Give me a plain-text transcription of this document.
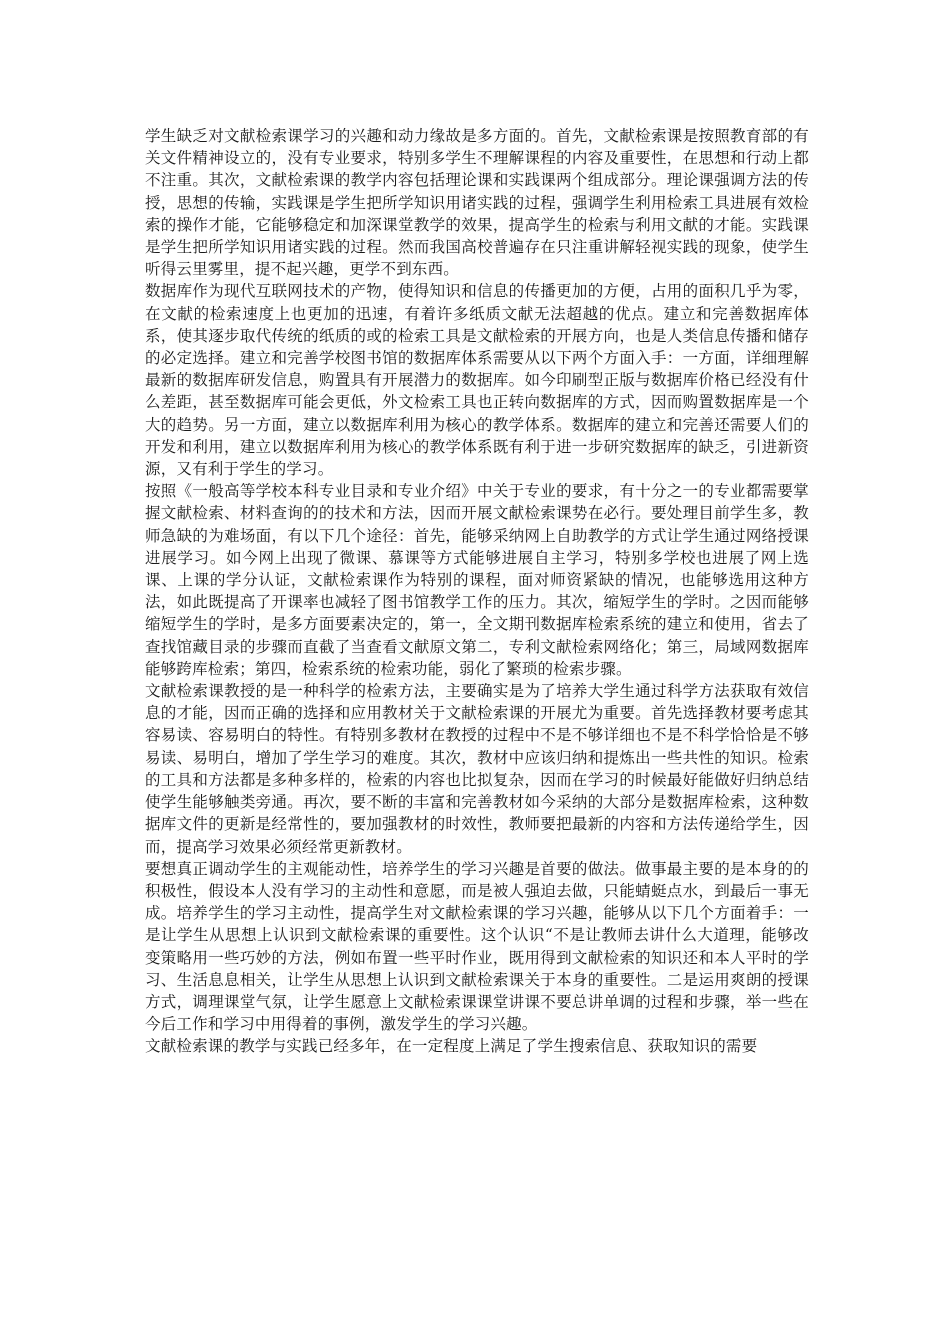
学生缺乏对文献检索课学习的兴趣和动力缘故是多方面的。首先，文献检索课是按照教育部的有关文件精神设立的，没有专业要求，特别多学生不理解课程的内容及重要性，在思想和行动上都不注重。其次，文献检索课的教学内容包括理论课和实践课两个组成部分。理论课强调方法的传授，思想的传输，实践课是学生把所学知识用诸实践的过程，强调学生利用检索工具进展有效检索的操作才能，它能够稳定和加深课堂教学的效果，提高学生的检索与利用文献的才能。实践课是学生把所学知识用诸实践的过程。然而我国高校普遍存在只注重讲解轻视实践的现象，使学生听得云里雾里，提不起兴趣，更学不到东西。

数据库作为现代互联网技术的产物，使得知识和信息的传播更加的方便，占用的面积几乎为零，在文献的检索速度上也更加的迅速，有着许多纸质文献无法超越的优点。建立和完善数据库体系，使其逐步取代传统的纸质的或的检索工具是文献检索的开展方向，也是人类信息传播和储存的必定选择。建立和完善学校图书馆的数据库体系需要从以下两个方面入手：一方面，详细理解最新的数据库研发信息，购置具有开展潜力的数据库。如今印刷型正版与数据库价格已经没有什么差距，甚至数据库可能会更低，外文检索工具也正转向数据库的方式，因而购置数据库是一个大的趋势。另一方面，建立以数据库利用为核心的教学体系。数据库的建立和完善还需要人们的开发和利用，建立以数据库利用为核心的教学体系既有利于进一步研究数据库的缺乏，引进新资源，又有利于学生的学习。

按照《一般高等学校本科专业目录和专业介绍》中关于专业的要求，有十分之一的专业都需要掌握文献检索、材料查询的的技术和方法，因而开展文献检索课势在必行。要处理目前学生多，教师急缺的为难场面，有以下几个途径：首先，能够采纳网上自助教学的方式让学生通过网络授课进展学习。如今网上出现了微课、慕课等方式能够进展自主学习，特别多学校也进展了网上选课、上课的学分认证，文献检索课作为特别的课程，面对师资紧缺的情况，也能够选用这种方法，如此既提高了开课率也减轻了图书馆教学工作的压力。其次，缩短学生的学时。之因而能够缩短学生的学时，是多方面要素决定的，第一，全文期刊数据库检索系统的建立和使用，省去了查找馆藏目录的步骤而直截了当查看文献原文第二，专利文献检索网络化；第三，局域网数据库能够跨库检索；第四，检索系统的检索功能，弱化了繁琐的检索步骤。

文献检索课教授的是一种科学的检索方法，主要确实是为了培养大学生通过科学方法获取有效信息的才能，因而正确的选择和应用教材关于文献检索课的开展尤为重要。首先选择教材要考虑其容易读、容易明白的特性。有特别多教材在教授的过程中不是不够详细也不是不科学恰恰是不够易读、易明白，增加了学生学习的难度。其次，教材中应该归纳和提炼出一些共性的知识。检索的工具和方法都是多种多样的，检索的内容也比拟复杂，因而在学习的时候最好能做好归纳总结使学生能够触类旁通。再次，要不断的丰富和完善教材如今采纳的大部分是数据库检索，这种数据库文件的更新是经常性的，要加强教材的时效性，教师要把最新的内容和方法传递给学生，因而，提高学习效果必须经常更新教材。

要想真正调动学生的主观能动性，培养学生的学习兴趣是首要的做法。做事最主要的是本身的的积极性，假设本人没有学习的主动性和意愿，而是被人强迫去做，只能蜻蜓点水，到最后一事无成。培养学生的学习主动性，提高学生对文献检索课的学习兴趣，能够从以下几个方面着手：一是让学生从思想上认识到文献检索课的重要性。这个认识“不是让教师去讲什么大道理，能够改变策略用一些巧妙的方法，例如布置一些平时作业，既用得到文献检索的知识还和本人平时的学习、生活息息相关，让学生从思想上认识到文献检索课关于本身的重要性。二是运用爽朗的授课方式，调理课堂气氛，让学生愿意上文献检索课课堂讲课不要总讲单调的过程和步骤，举一些在今后工作和学习中用得着的事例，激发学生的学习兴趣。

文献检索课的教学与实践已经多年，在一定程度上满足了学生搜索信息、获取知识的需要
